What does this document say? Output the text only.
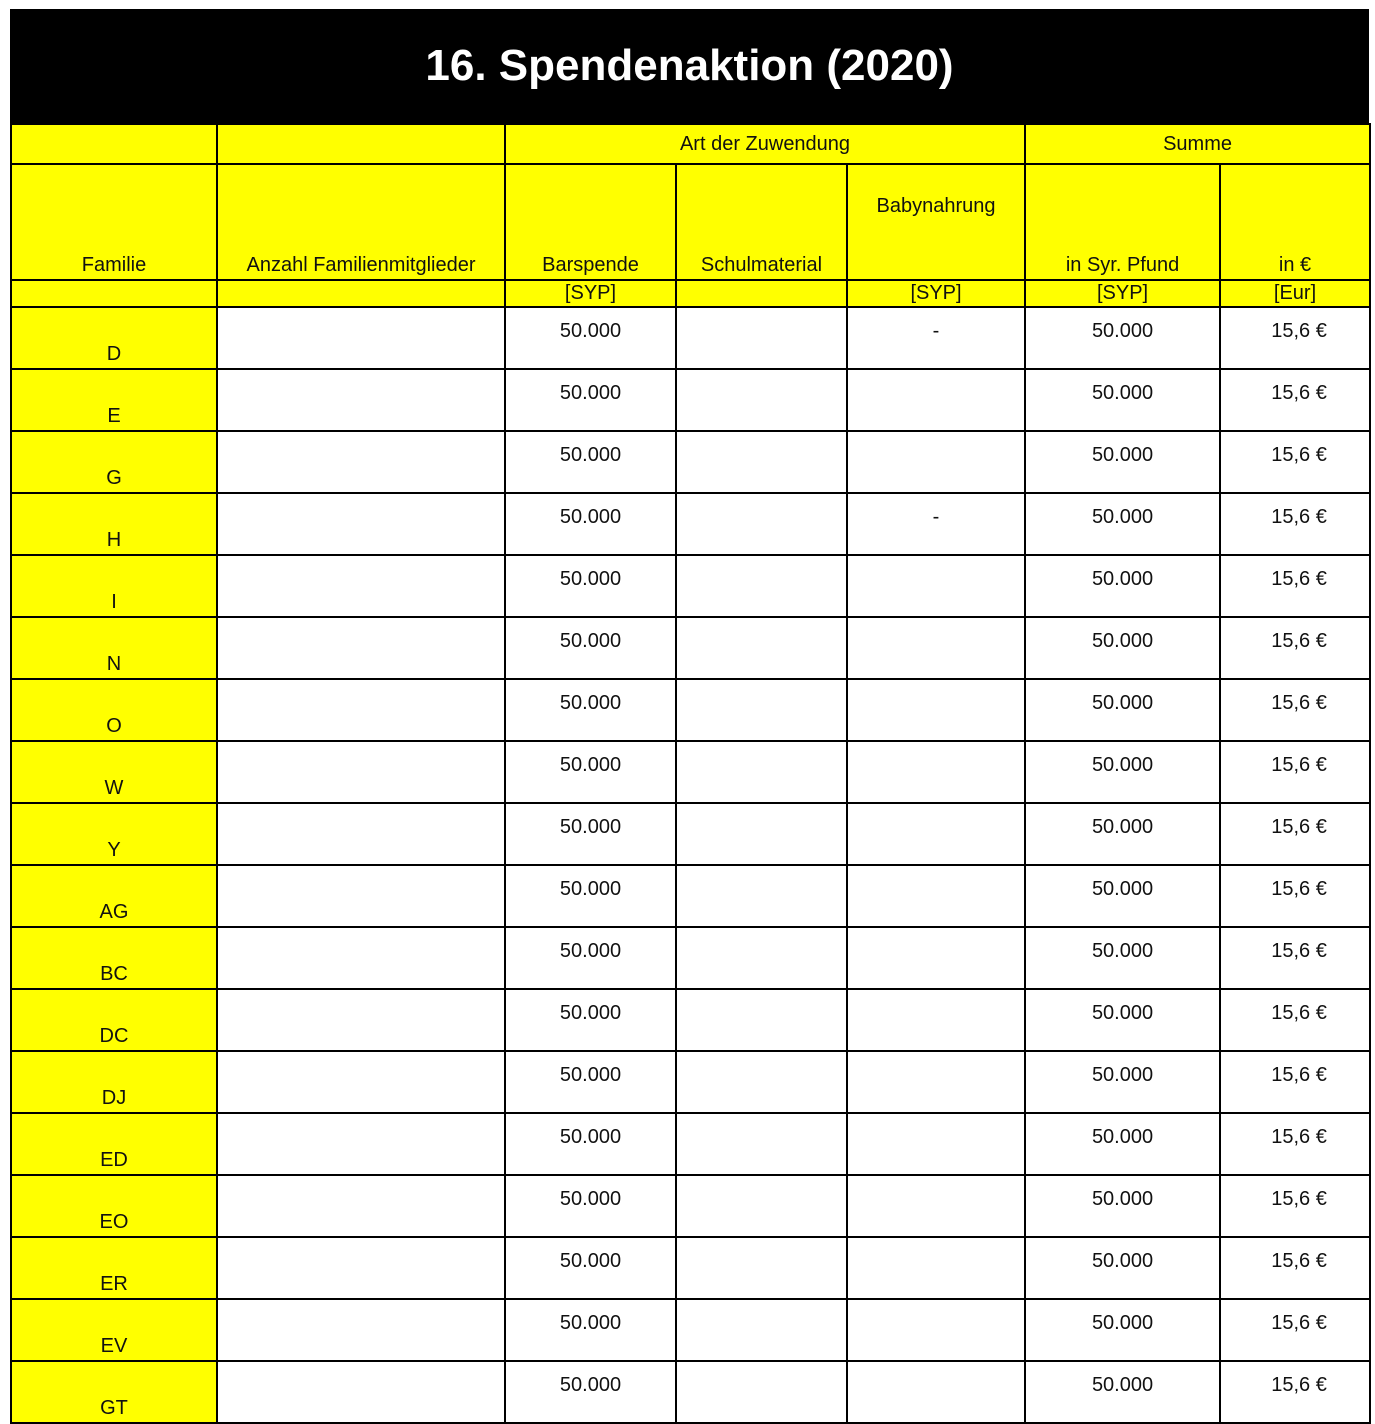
16. Spendenaktion (2020)
		Art der Zuwendung			Summe	
Familie	Anzahl Familienmitglieder	Barspende	Schulmaterial	Babynahrung	in Syr. Pfund	in €
		[SYP]		[SYP]	[SYP]	[Eur]
D		50.000		-	50.000	15,6 €
E		50.000			50.000	15,6 €
G		50.000			50.000	15,6 €
H		50.000		-	50.000	15,6 €
I		50.000			50.000	15,6 €
N		50.000			50.000	15,6 €
O		50.000			50.000	15,6 €
W		50.000			50.000	15,6 €
Y		50.000			50.000	15,6 €
AG		50.000			50.000	15,6 €
BC		50.000			50.000	15,6 €
DC		50.000			50.000	15,6 €
DJ		50.000			50.000	15,6 €
ED		50.000			50.000	15,6 €
EO		50.000			50.000	15,6 €
ER		50.000			50.000	15,6 €
EV		50.000			50.000	15,6 €
GT		50.000			50.000	15,6 €
